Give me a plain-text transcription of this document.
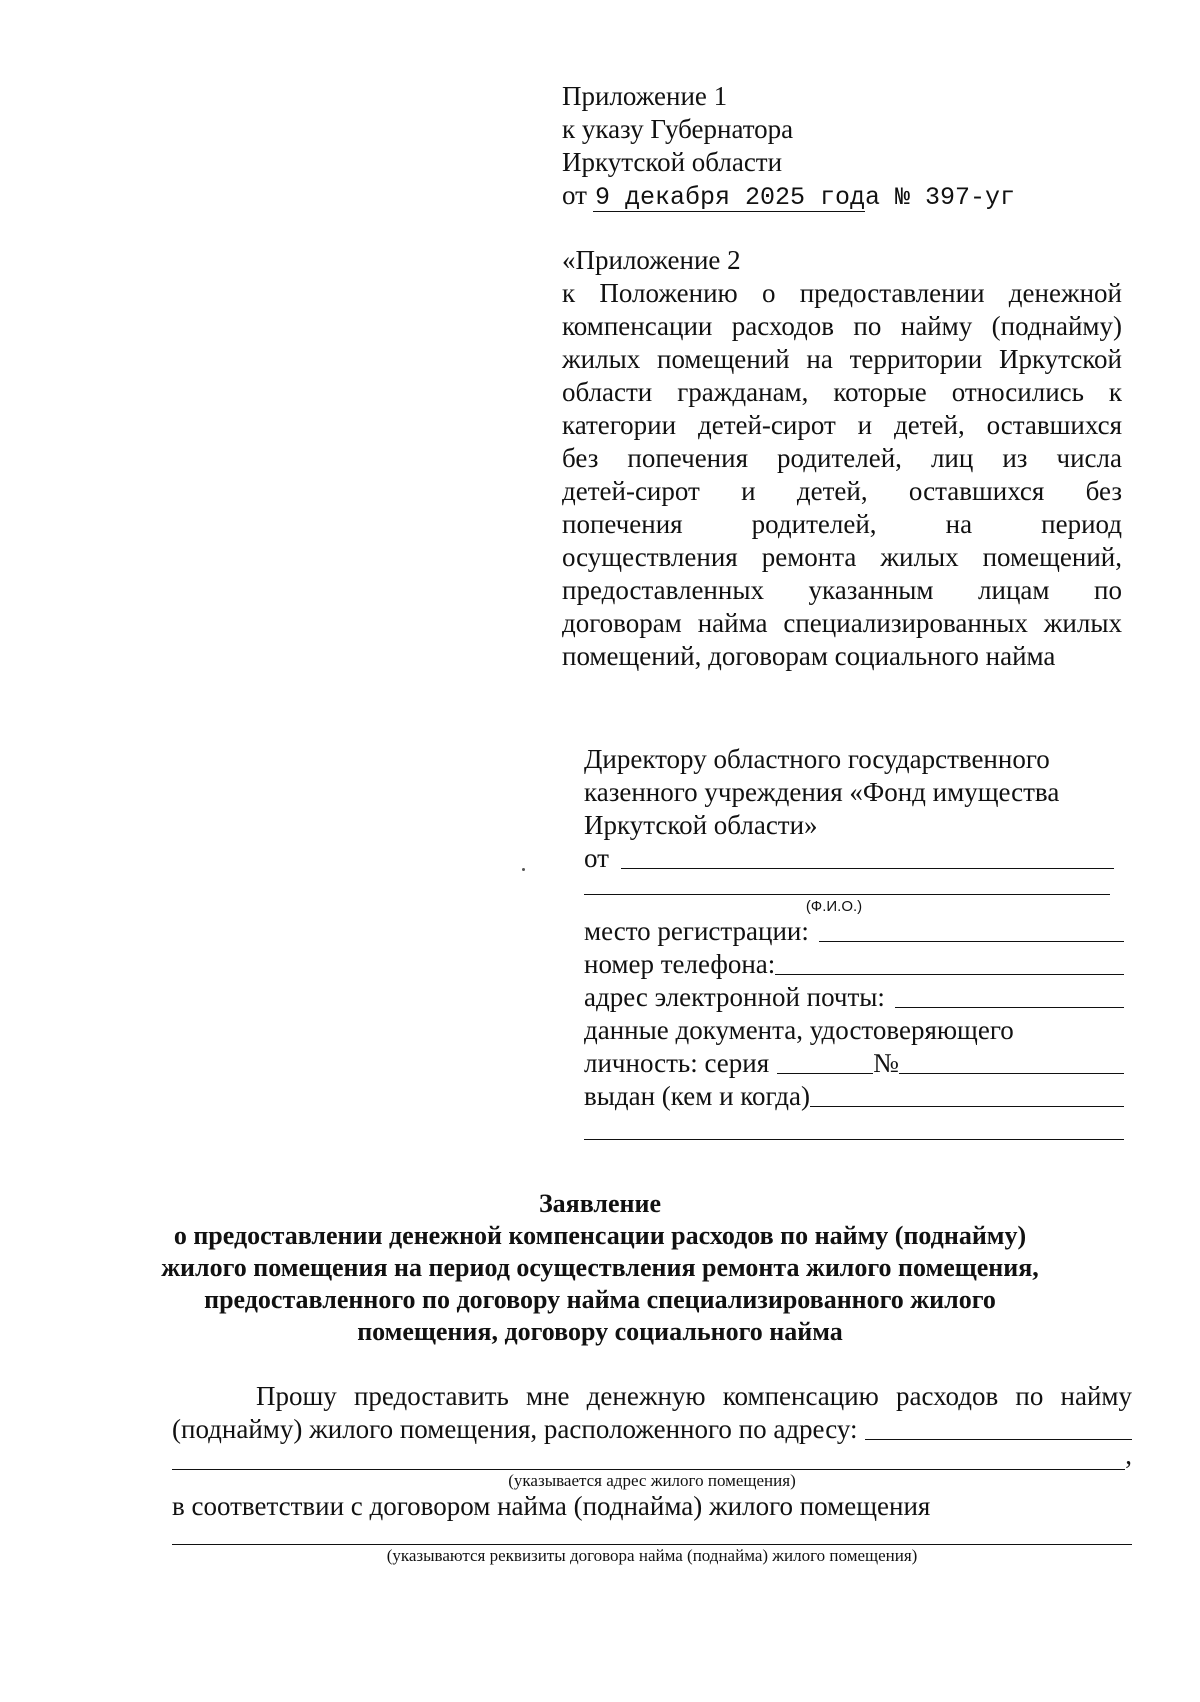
Приложение 1
к указу Губернатора
Иркутской области
от 9 декабря 2025 года № 397-уг
«Приложение 2
к Положению о предоставлении денежной
компенсации расходов по найму (поднайму)
жилых помещений на территории Иркутской
области гражданам, которые относились к
категории детей-сирот и детей, оставшихся
без попечения родителей, лиц из числа
детей-сирот и детей, оставшихся без
попечения родителей, на период
осуществления ремонта жилых помещений,
предоставленных указанным лицам по
договорам найма специализированных жилых
помещений, договорам социального найма
Директору областного государственного
казенного учреждения «Фонд имущества
Иркутской области»
от
(Ф.И.О.)
место регистрации:
номер телефона:
адрес электронной почты:
данные документа, удостоверяющего
личность: серия	№
выдан (кем и когда)
Заявление
о предоставлении денежной компенсации расходов по найму (поднайму)
жилого помещения на период осуществления ремонта жилого помещения,
предоставленного по договору найма специализированного жилого
помещения, договору социального найма
Прошу предоставить мне денежную компенсацию расходов по найму
(поднайму) жилого помещения, расположенного по адресу:
,
(указывается адрес жилого помещения)
в соответствии с договором найма (поднайма) жилого помещения
(указываются реквизиты договора найма (поднайма) жилого помещения)
